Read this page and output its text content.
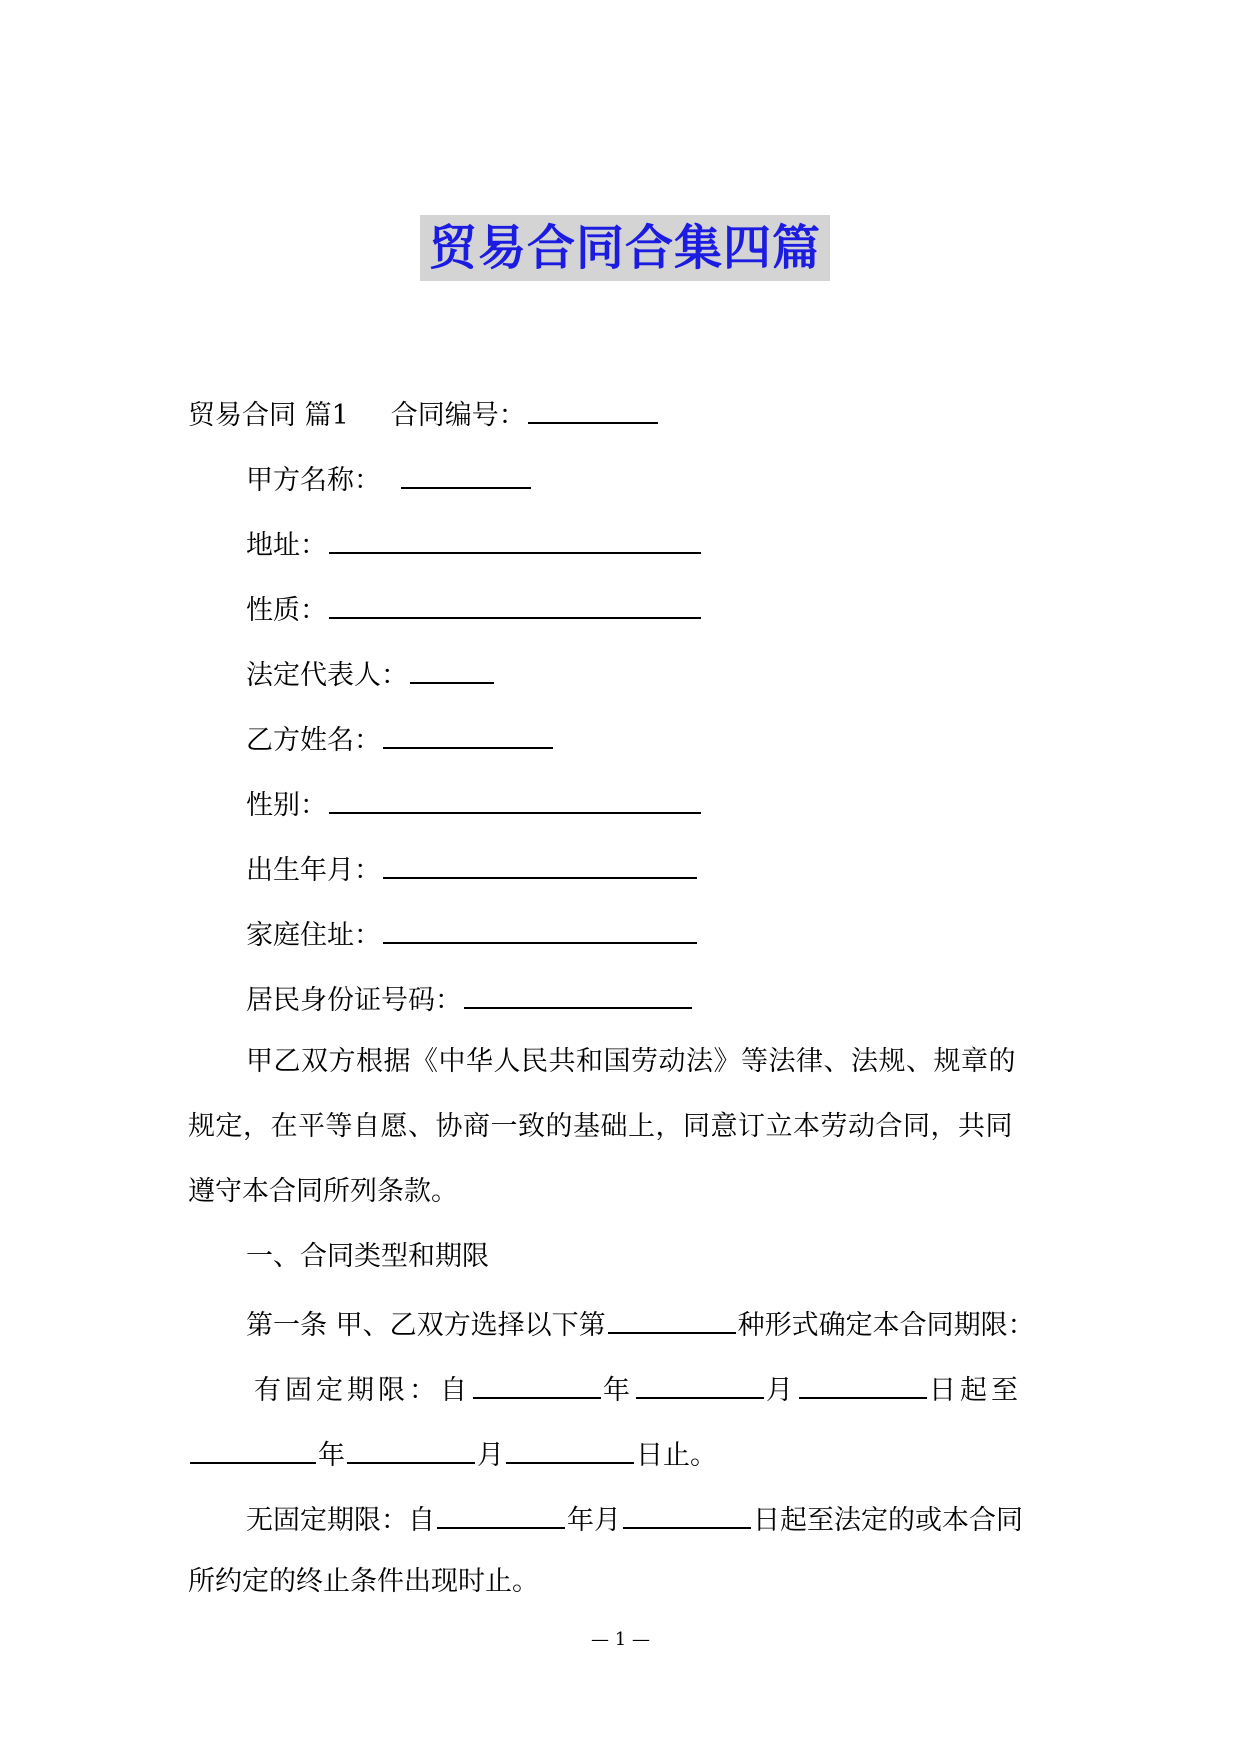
贸易合同合集四篇
贸易合同 篇1 合同编号：
甲方名称：
地址：
性质：
法定代表人：
乙方姓名：
性别：
出生年月：
家庭住址：
居民身份证号码：
甲乙双方根据《中华人民共和国劳动法》等法律、法规、规章的
规定，在平等自愿、协商一致的基础上，同意订立本劳动合同，共同
遵守本合同所列条款。
一、合同类型和期限
第一条 甲、乙双方选择以下第	种形式确定本合同期限：
有固定期限：自	年	月	日起至
年	月	日止。
无固定期限：自	年月	日起至法定的或本合同
所约定的终止条件出现时止。
— 1 —
